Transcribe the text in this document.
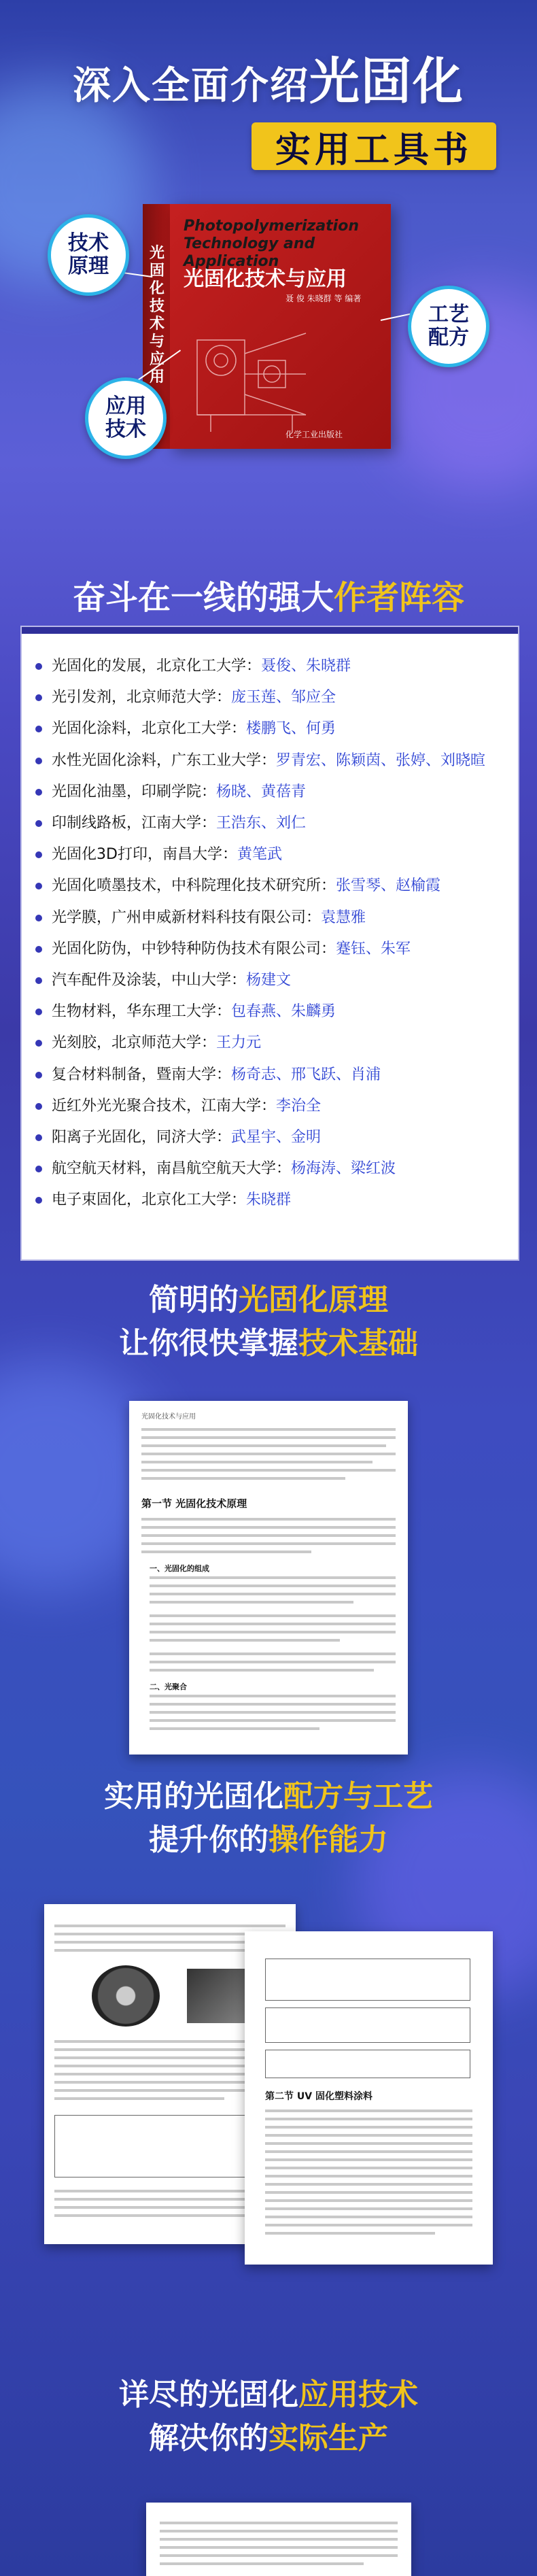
深入全面介绍光固化
实用工具书
光固化技术与应用
Photopolymerization Technology and Application
光固化技术与应用
聂 俊 朱晓群 等 编著
化学工业出版社
技术
原理
工艺
配方
应用
技术
奋斗在一线的强大作者阵容
光固化的发展，北京化工大学：聂俊、朱晓群
光引发剂，北京师范大学：庞玉莲、邹应全
光固化涂料，北京化工大学：楼鹏飞、何勇
水性光固化涂料，广东工业大学：罗青宏、陈颖茵、张婷、刘晓暄
光固化油墨，印刷学院：杨晓、黄蓓青
印制线路板，江南大学：王浩东、刘仁
光固化3D打印，南昌大学：黄笔武
光固化喷墨技术，中科院理化技术研究所：张雪琴、赵榆霞
光学膜，广州申威新材料科技有限公司：袁慧雅
光固化防伪，中钞特种防伪技术有限公司：蹇钰、朱军
汽车配件及涂装，中山大学：杨建文
生物材料，华东理工大学：包春燕、朱麟勇
光刻胶，北京师范大学：王力元
复合材料制备，暨南大学：杨奇志、邢飞跃、肖浦
近红外光光聚合技术，江南大学：李治全
阳离子光固化，同济大学：武星宇、金明
航空航天材料，南昌航空航天大学：杨海涛、梁红波
电子束固化，北京化工大学：朱晓群
简明的光固化原理
让你很快掌握技术基础
光固化技术与应用
第一节 光固化技术原理
一、光固化的组成
二、光聚合
实用的光固化配方与工艺
提升你的操作能力
第二节 UV 固化塑料涂料
详尽的光固化应用技术
解决你的实际生产
